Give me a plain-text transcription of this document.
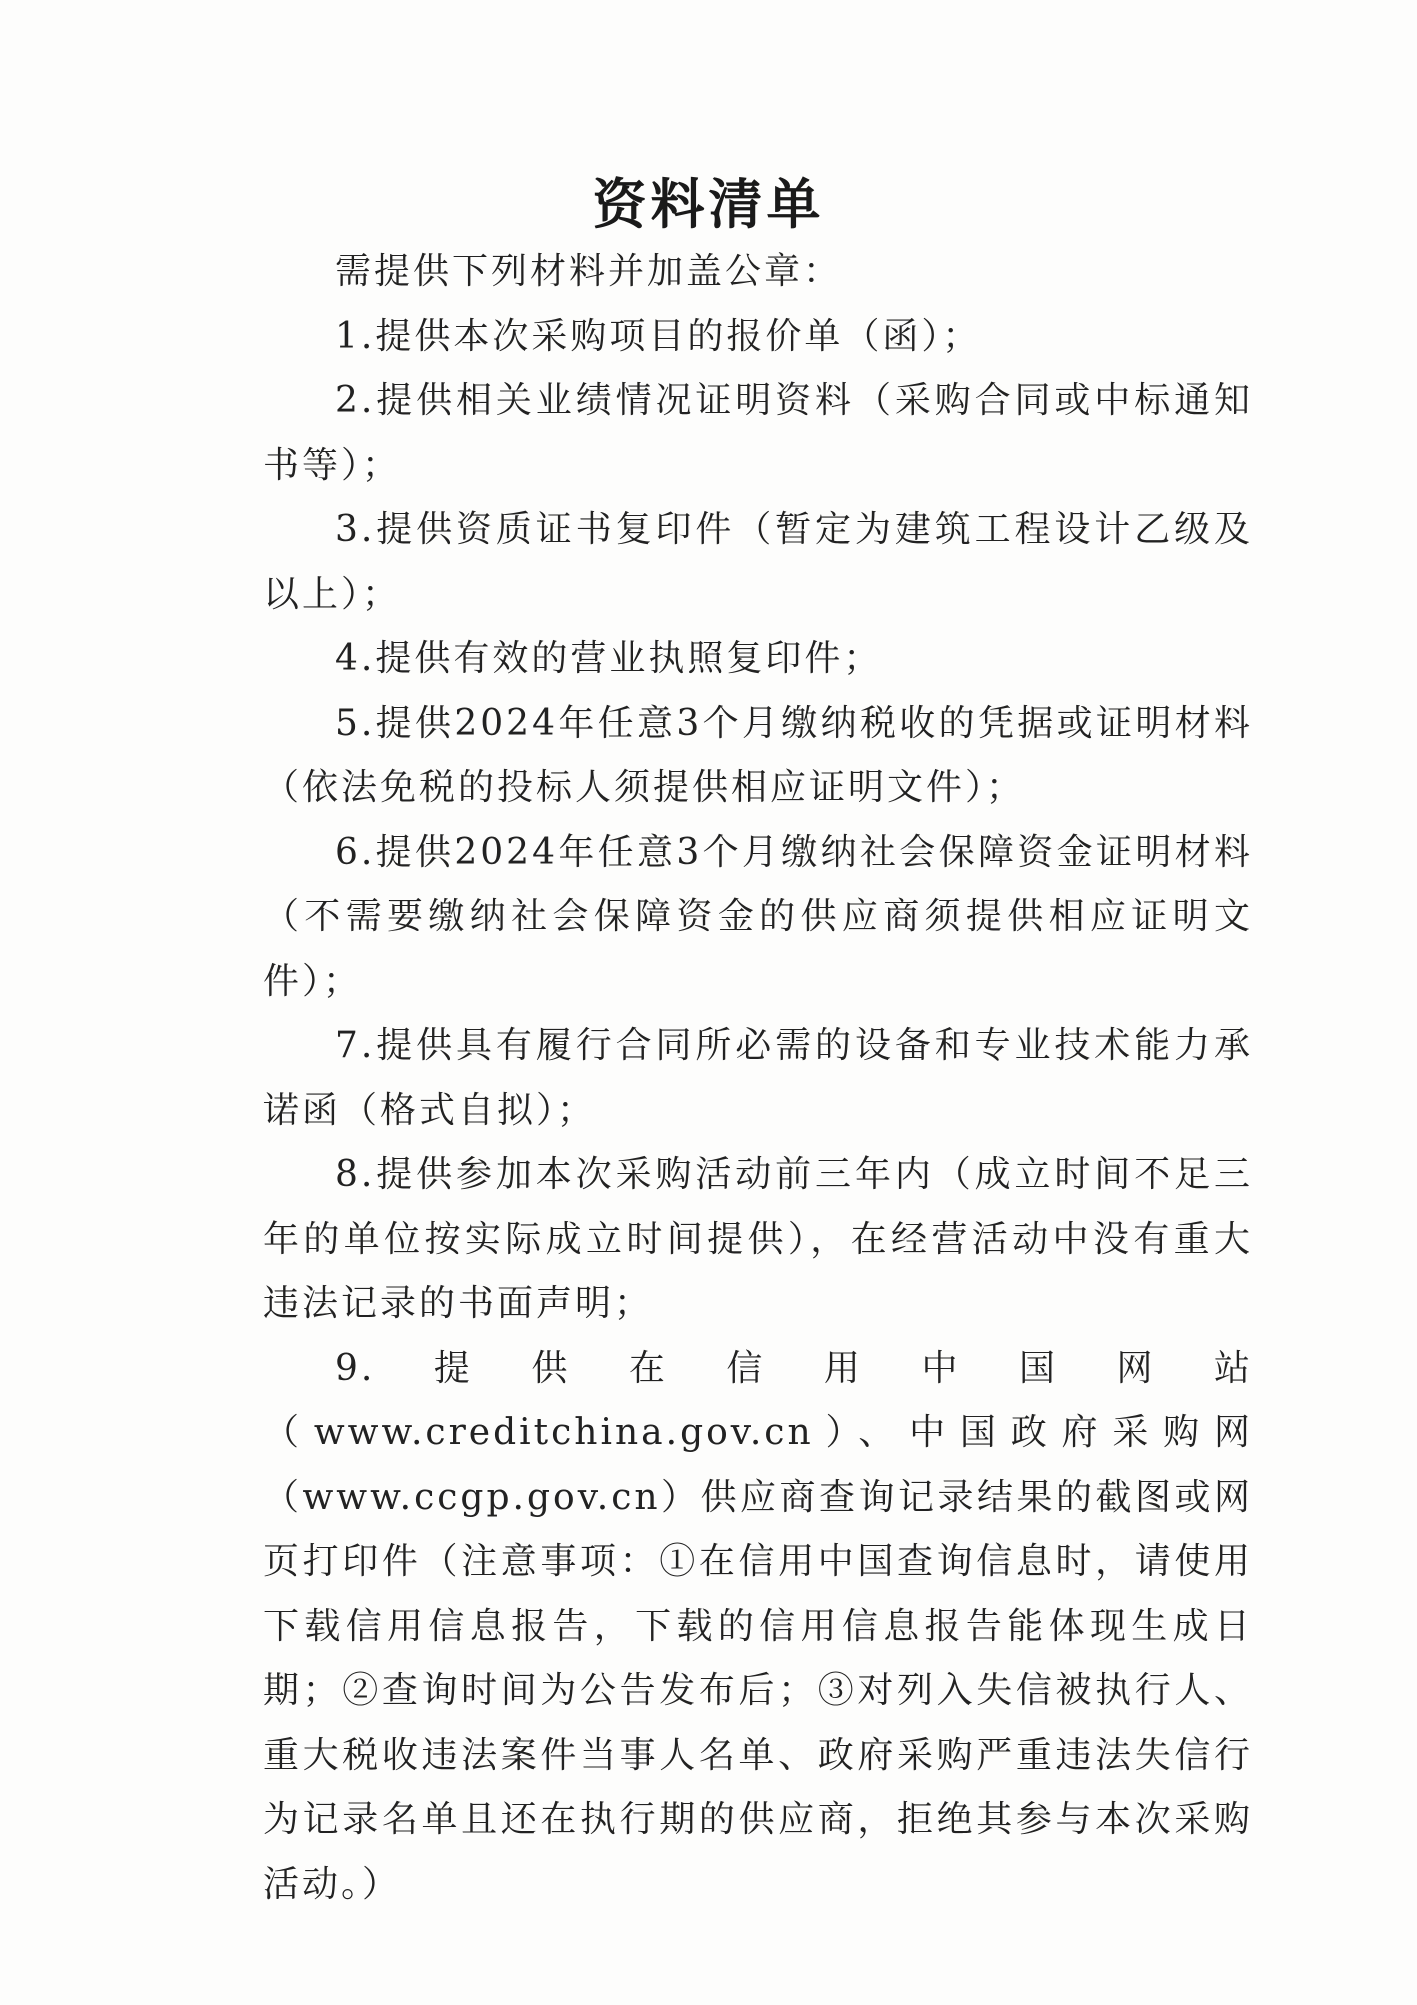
资料清单

需提供下列材料并加盖公章：

1.提供本次采购项目的报价单（函）；

2.提供相关业绩情况证明资料（采购合同或中标通知书等）；

3.提供资质证书复印件（暂定为建筑工程设计乙级及以上）；

4.提供有效的营业执照复印件；

5.提供2024年任意3个月缴纳税收的凭据或证明材料（依法免税的投标人须提供相应证明文件）；

6.提供2024年任意3个月缴纳社会保障资金证明材料（不需要缴纳社会保障资金的供应商须提供相应证明文件）；

7.提供具有履行合同所必需的设备和专业技术能力承诺函（格式自拟）；

8.提供参加本次采购活动前三年内（成立时间不足三年的单位按实际成立时间提供），在经营活动中没有重大违法记录的书面声明；

9.提供在信用中国网站（www.creditchina.gov.cn）、中国政府采购网（www.ccgp.gov.cn）供应商查询记录结果的截图或网页打印件（注意事项：①在信用中国查询信息时，请使用下载信用信息报告，下载的信用信息报告能体现生成日期；②查询时间为公告发布后；③对列入失信被执行人、重大税收违法案件当事人名单、政府采购严重违法失信行为记录名单且还在执行期的供应商，拒绝其参与本次采购活动。）
